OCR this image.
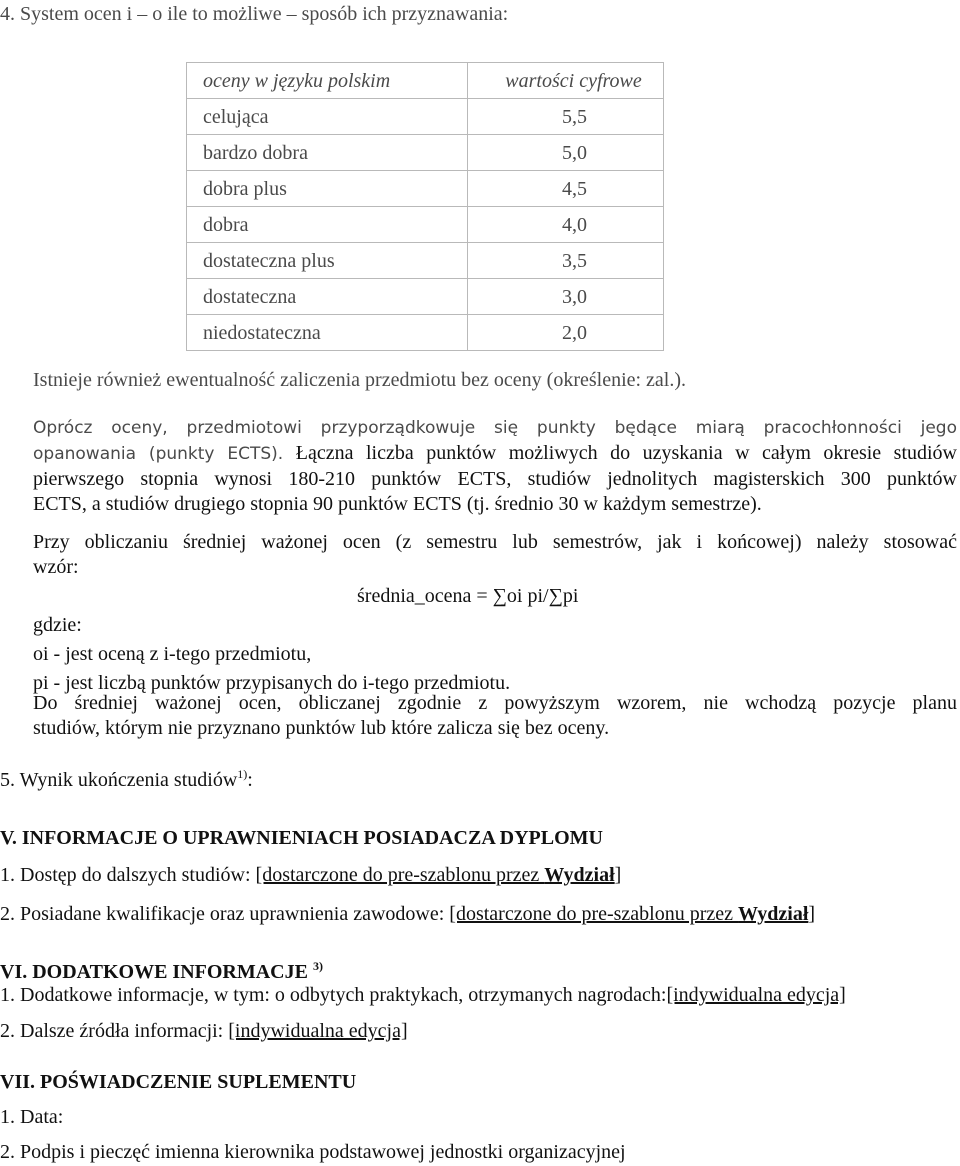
4. System ocen i – o ile to możliwe – sposób ich przyznawania:
oceny w języku polskim	wartości cyfrowe
celująca	5,5
bardzo dobra	5,0
dobra plus	4,5
dobra	4,0
dostateczna plus	3,5
dostateczna	3,0
niedostateczna	2,0
Istnieje również ewentualność zaliczenia przedmiotu bez oceny (określenie: zal.).
Oprócz oceny, przedmiotowi przyporządkowuje się punkty będące miarą pracochłonności jego
opanowania (punkty ECTS). Łączna liczba punktów możliwych do uzyskania w całym okresie studiów
pierwszego stopnia wynosi 180-210 punktów ECTS, studiów jednolitych magisterskich 300 punktów
ECTS, a studiów drugiego stopnia 90 punktów ECTS (tj. średnio 30 w każdym semestrze).
Przy obliczaniu średniej ważonej ocen (z semestru lub semestrów, jak i końcowej) należy stosować
wzór:
średnia_ocena = ∑oi pi/∑pi
gdzie:
oi - jest oceną z i-tego przedmiotu,
pi - jest liczbą punktów przypisanych do i-tego przedmiotu.
Do średniej ważonej ocen, obliczanej zgodnie z powyższym wzorem, nie wchodzą pozycje planu
studiów, którym nie przyznano punktów lub które zalicza się bez oceny.
5. Wynik ukończenia studiów$^{1)}$:
V. INFORMACJE O UPRAWNIENIACH POSIADACZA DYPLOMU
1. Dostęp do dalszych studiów: [dostarczone do pre-szablonu przez Wydział]
2. Posiadane kwalifikacje oraz uprawnienia zawodowe: [dostarczone do pre-szablonu przez Wydział]
VI. DODATKOWE INFORMACJE $^{3)}$
1. Dodatkowe informacje, w tym: o odbytych praktykach, otrzymanych nagrodach:[indywidualna edycja]
2. Dalsze źródła informacji: [indywidualna edycja]
VII. POŚWIADCZENIE SUPLEMENTU
1. Data:
2. Podpis i pieczęć imienna kierownika podstawowej jednostki organizacyjnej
